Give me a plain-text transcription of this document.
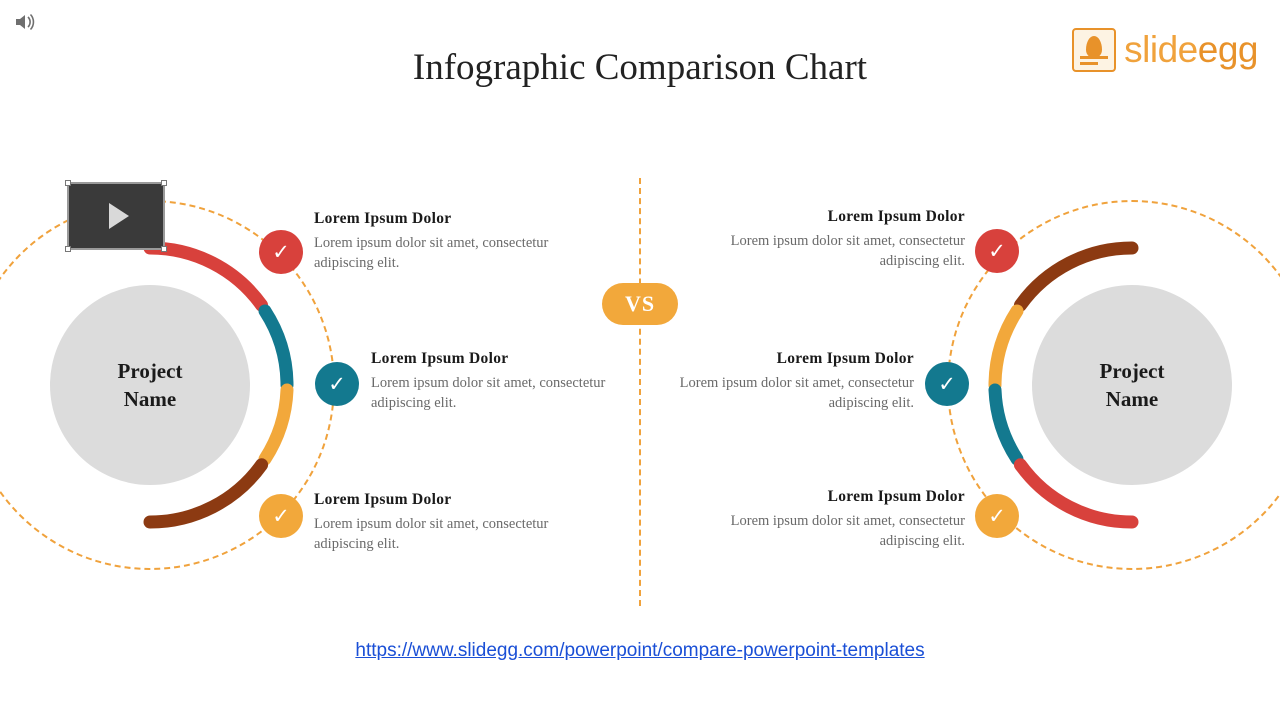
slideegg
Infographic Comparison Chart
VS
Project
Name
✓
Lorem Ipsum Dolor

Lorem ipsum dolor sit amet, consectetur adipiscing elit.

✓
Lorem Ipsum Dolor

Lorem ipsum dolor sit amet, consectetur adipiscing elit.

✓
Lorem Ipsum Dolor

Lorem ipsum dolor sit amet, consectetur adipiscing elit.

Project
Name
✓
Lorem Ipsum Dolor

Lorem ipsum dolor sit amet, consectetur adipiscing elit.

✓
Lorem Ipsum Dolor

Lorem ipsum dolor sit amet, consectetur adipiscing elit.

✓
Lorem Ipsum Dolor

Lorem ipsum dolor sit amet, consectetur adipiscing elit.

https://www.slidegg.com/powerpoint/compare-powerpoint-templates
